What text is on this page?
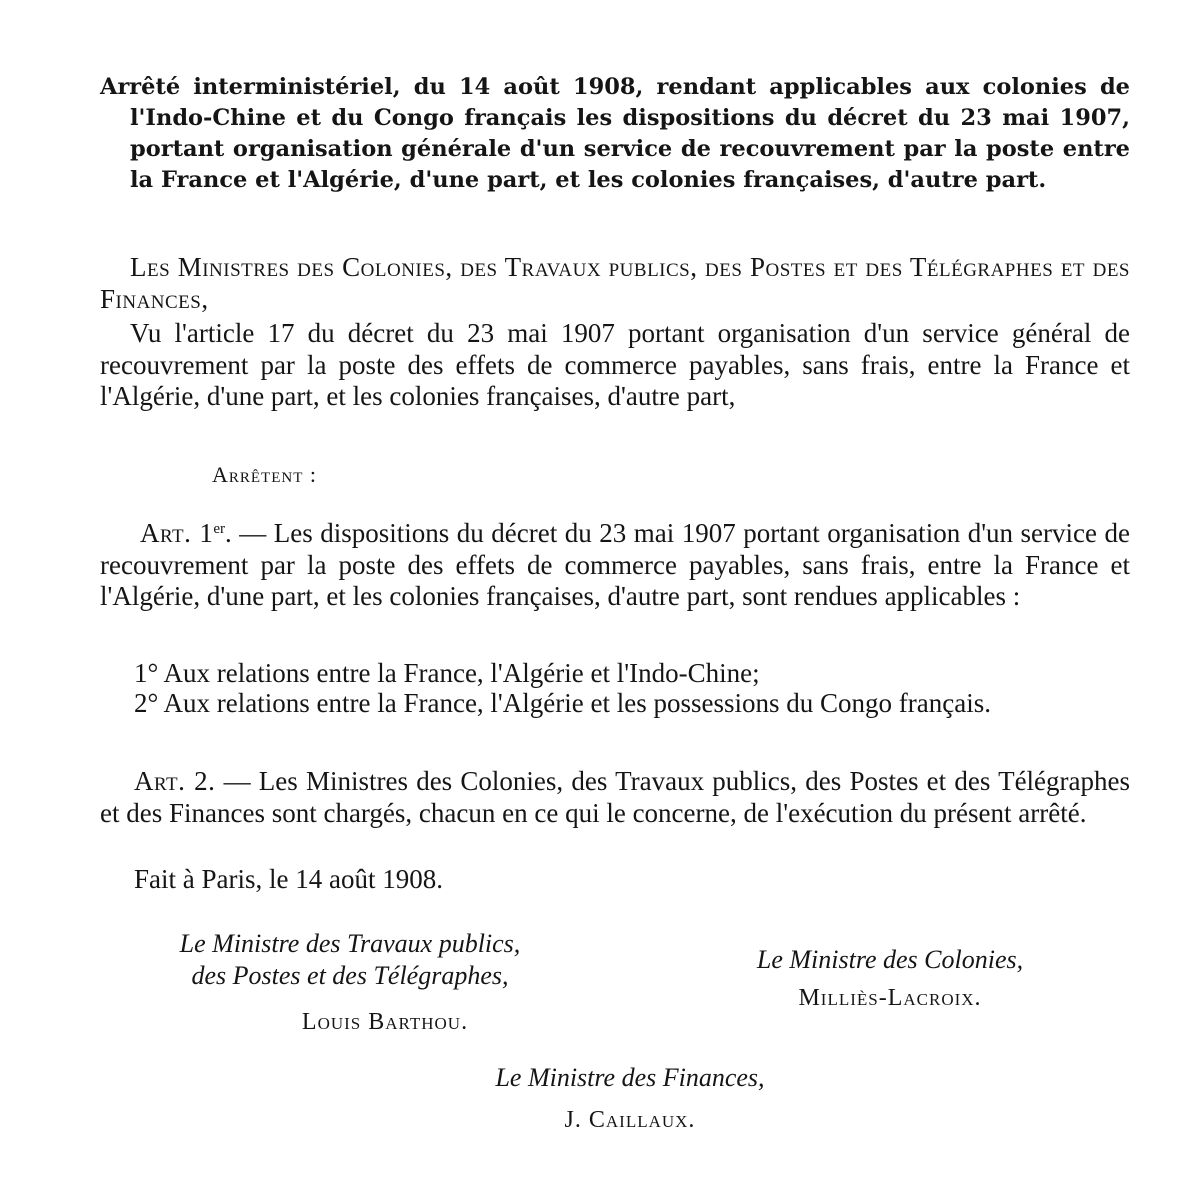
Arrêté interministériel, du 14 août 1908, rendant applicables aux colonies de l'Indo-Chine et du Congo français les dispositions du décret du 23 mai 1907, portant organisation générale d'un service de recouvrement par la poste entre la France et l'Algérie, d'une part, et les colonies françaises, d'autre part.

Les Ministres des Colonies, des Travaux publics, des Postes et des Télégraphes et des Finances,

Vu l'article 17 du décret du 23 mai 1907 portant organisation d'un service général de recouvrement par la poste des effets de commerce payables, sans frais, entre la France et l'Algérie, d'une part, et les colonies françaises, d'autre part,

Arrêtent :

Art. 1er. — Les dispositions du décret du 23 mai 1907 portant organisation d'un service de recouvrement par la poste des effets de commerce payables, sans frais, entre la France et l'Algérie, d'une part, et les colonies françaises, d'autre part, sont rendues applicables :

1° Aux relations entre la France, l'Algérie et l'Indo-Chine;

2° Aux relations entre la France, l'Algérie et les possessions du Congo français.

Art. 2. — Les Ministres des Colonies, des Travaux publics, des Postes et des Télégraphes et des Finances sont chargés, chacun en ce qui le concerne, de l'exécution du présent arrêté.

Fait à Paris, le 14 août 1908.

Le Ministre des Travaux publics,
des Postes et des Télégraphes,
Louis Barthou.
Le Ministre des Colonies,
Milliès-Lacroix.
Le Ministre des Finances,
J. Caillaux.
